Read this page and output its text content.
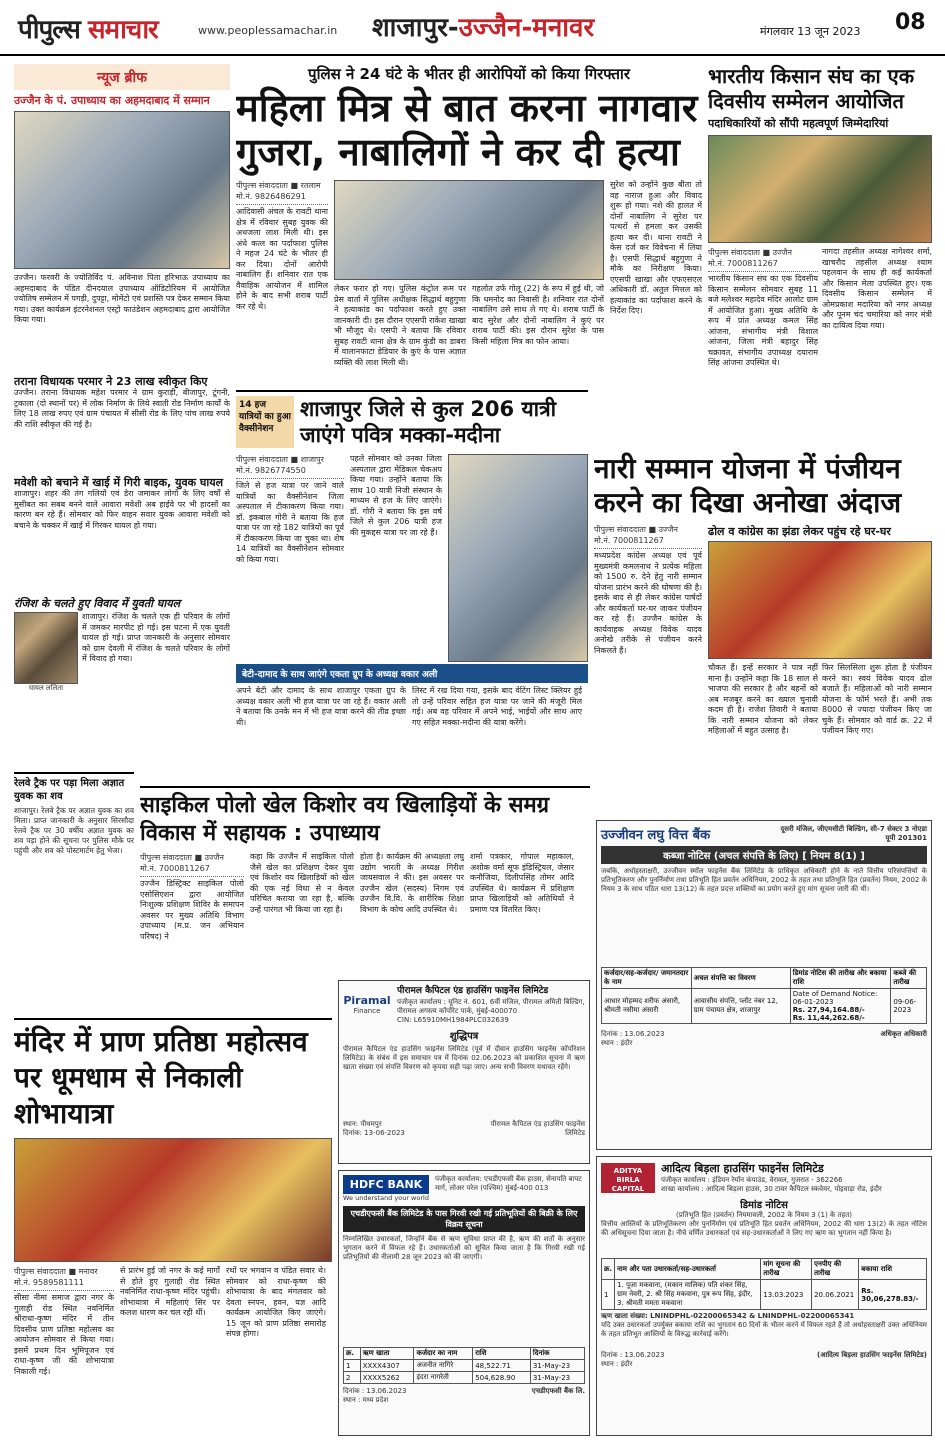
पीपुल्स समाचार	www.peoplessamachar.in शाजापुर-उज्जैन-मनावर	मंगलवार 13 जून 2023 08
न्यूज ब्रीफ
उज्जैन के पं. उपाध्याय का अहमदाबाद में सम्मान
उज्जैन। फरवरी के ज्योतिर्विद पं. अविनाश पिता हरिभाऊ उपाध्याय का अहमदाबाद के पंडित दीनदयाल उपाध्याय ऑडिटोरियम में आयोजित ज्योतिष सम्मेलन में पगड़ी, दुपट्टा, मोमेंटो एवं प्रशस्ति पत्र देकर सम्मान किया गया। उक्त कार्यक्रम इंटरनेशनल एस्ट्रो फाउंडेशन अहमदाबाद द्वारा आयोजित किया गया।
तराना विधायक परमार ने 23 लाख स्वीकृत किए
उज्जैन। तराना विधायक महेश परमार ने ग्राम कुराड़ी, बीजापुर, टूंगनी, ट्रकाला (दो स्थानों पर) में लोक निर्माण के लिये स्वाती रोड निर्माण कार्यों के लिए 18 लाख रुपए एवं ग्राम पंचायत में सीसी रोड के लिए पांच लाख रुपये की राशि स्वीकृत की गई है।
मवेशी को बचाने में खाई में गिरी बाइक, युवक घायल
शाजापुर। शहर की तंग गलियों एवं डेरा जमाकर लोगों के लिए वर्षों से मुसीबत का सबब बनने वाले आवारा मवेशी अब हाईवे पर भी हादसों का कारण बन रहे हैं। सोमवार को फिर वाहन सवार युवक आवारा मवेशी को बचाने के चक्कर में खाई में गिरकर घायल हो गया।
रंजिश के चलते हुए विवाद में युवती घायल
घायल ललिता
शाजापुर। रंजिश के चलते एक ही परिवार के लोगों में जमकर मारपीट हो गई। इस घटना में एक युवती घायल हो गई। प्राप्त जानकारी के अनुसार सोमवार को ग्राम देवली में रंजिश के चलते परिवार के लोगों में विवाद हो गया।
रेलवे ट्रैक पर पड़ा मिला अज्ञात युवक का शव
शाजापुर। रेलवे ट्रैक पर अज्ञात युवक का शव मिला। प्राप्त जानकारी के अनुसार सिरसौदा रेलवे ट्रैक पर 30 वर्षीय अज्ञात युवक का शव पड़ा होने की सूचना पर पुलिस मौके पर पहुंची और शव को पोस्टमार्टम हेतु भेजा।
पुलिस ने 24 घंटे के भीतर ही आरोपियों को किया गिरफ्तार
महिला मित्र से बात करना नागवार गुजरा, नाबालिगों ने कर दी हत्या
पीपुल्स संवाददाता ■ रतलाम
मो.नं. 9826486291
आदिवासी अंचल के रावटी थाना क्षेत्र में रविवार सुबह युवक की अधजला लाश मिली थी। इस अंधे कत्ल का पर्दाफाश पुलिस ने महज 24 घंटे के भीतर ही कर दिया। दोनों आरोपी नाबालिग हैं। शनिवार रात एक वैवाहिक आयोजन में शामिल होने के बाद सभी शराब पार्टी कर रहे थे।
लेकर फरार हो गए। पुलिस कंट्रोल रूम पर प्रेस वार्ता में पुलिस अधीक्षक सिद्धार्थ बहुगुणा ने हत्याकांड का पर्दाफाश करते हुए उक्त जानकारी दी। इस दौरान एएसपी राकेश खाखा भी मौजूद थे। एसपी ने बताया कि रविवार सुबह रावटी थाना क्षेत्र के ग्राम कुंडी का डाबरा में वालानफाटा डेडियार के कुएं के पास अज्ञात व्यक्ति की लाश मिली थी।
गहलोत उर्फ गोलू (22) के रूप में हुई थी, जो कि धमनोद का निवासी है। शनिवार रात दोनों नाबालिग उसे साथ ले गए थे। शराब पार्टी के बाद सुरेश और दोनों नाबालिग ने कुएं पर शराब पार्टी की। इस दौरान सुरेश के पास किसी महिला मित्र का फोन आया।
सुरेश को उन्होंने कुछ बीता तो वह नाराज हुआ और विवाद शुरू हो गया। नशे की हालत में दोनों नाबालिग ने सुरेश पर पत्थरों से हमला कर उसकी हत्या कर दी। थाना रावटी ने केस दर्ज कर विवेचना में लिया है। एसपी सिद्धार्थ बहुगुणा ने मौके का निरीक्षण किया। एएसपी खाखा और एफएसएल अधिकारी डॉ. अतुल मित्तल को हत्याकांड का पर्दाफाश करने के निर्देश दिए।
भारतीय किसान संघ का एक दिवसीय सम्मेलन आयोजित
पदाधिकारियों को सौंपी महत्वपूर्ण जिम्मेदारियां
पीपुल्स संवाददाता ■ उज्जैन
मो.नं. 7000811267
भारतीय किसान संघ का एक दिवसीय किसान सम्मेलन सोमवार सुबह 11 बजे मलेश्वर महादेव मंदिर आलोट ग्राम में आयोजित हुआ। मुख्य अतिथि के रूप में प्रांत अध्यक्ष कमल सिंह आंजना, संभागीय मंत्री विशाल आंजना, जिला मंत्री बहादुर सिंह चक्रावत, संभागीय उपाध्यक्ष दयाराम सिंह आंजना उपस्थित थे।
नागदा तहसील अध्यक्ष नागेश्वर शर्मा, खाचरौद तहसील अध्यक्ष श्याम पहलवान के साथ ही कई कार्यकर्ता और किसान मेला उपस्थित हुए। एक दिवसीय किसान सम्मेलन में ओमप्रकाश मदारिया को नगर अध्यक्ष और पूनम चंद चमारिया को नगर मंत्री का दायित्व दिया गया।
14 हज यात्रियों का हुआ वैक्सीनेशन
शाजापुर जिले से कुल 206 यात्री जाएंगे पवित्र मक्का-मदीना
पीपुल्स संवाददाता ■ शाजापुर
मो.नं. 9826774550
जिले से हज यात्रा पर जाने वाले यात्रियों का वैक्सीनेशन जिला अस्पताल में टीकाकरण किया गया। डॉ. इकबाल गोरी ने बताया कि हज यात्रा पर जा रहे 182 यात्रियों का पूर्व में टीकाकरण किया जा चुका था। शेष 14 यात्रियों का वैक्सीनेशन सोमवार को किया गया।
पहले सोमवार को उनका जिला अस्पताल द्वारा मेडिकल चेकअप किया गया। उन्होंने बताया कि साथ 10 यात्री निजी संस्थान के माध्यम से हज के लिए जाएंगे। डॉ. गोरी ने बताया कि इस वर्ष जिले से कुल 206 यात्री हज की मुकद्दस यात्रा पर जा रहे हैं।
बेटी-दामाद के साथ जाएंगे एकता ग्रुप के अध्यक्ष वकार अली
अपने बेटी और दामाद के साथ शाजापुर एकता ग्रुप के अध्यक्ष वकार अली भी हज यात्रा पर जा रहे हैं। वकार अली ने बताया कि उनके मन में भी हज यात्रा करने की तीव्र इच्छा थी।
लिस्ट में रख दिया गया, इसके बाद वेटिंग लिस्ट क्लियर हुई तो उन्हें परिवार सहित हज यात्रा पर जाने की मंजूरी मिल गई। अब वह परिवार में अपने भाई, भाईयों और साथ आए गए सहित मक्का-मदीना की यात्रा करेंगे।
नारी सम्मान योजना में पंजीयन करने का दिखा अनोखा अंदाज
पीपुल्स संवाददाता ■ उज्जैन
मो.नं. 7000811267
मध्यप्रदेश कांग्रेस अध्यक्ष एवं पूर्व मुख्यमंत्री कमलनाथ ने प्रत्येक महिला को 1500 रु. देने हेतु नारी सम्मान योजना प्रारंभ करने की घोषणा की है। इसके बाद से ही लेकर कांग्रेस पार्षदों और कार्यकर्ता घर-घर जाकर पंजीयन कर रहे हैं। उज्जैन कांग्रेस के कार्यवाहक अध्यक्ष विवेक यादव अनोखे तरीके से पंजीयन करने निकलते हैं।
ढोल व कांग्रेस का झंडा लेकर पहुंच रहे घर-घर
चौकत हैं। इन्हें सरकार ने पात्र नहीं माना है। उन्होंने कहा कि 18 साल से भाजपा की सरकार है और बहनों को अब मजबूर करने का ख्याल चुनावी कदम ही है। राजेश तिवारी ने बताया कि नारी सम्मान योजना को लेकर महिलाओं में बहुत उत्साह है।
फिर सिलसिला शुरू होता है पंजीयन करने का। स्वयं विवेक यादव ढोल बजाते हैं। महिलाओं को नारी सम्मान योजना के फॉर्म भरते हैं। अभी तक 8000 से ज्यादा पंजीयन किए जा चुके हैं। सोमवार को वार्ड क्र. 22 में पंजीयन किए गए।
साइकिल पोलो खेल किशोर वय खिलाड़ियों के समग्र विकास में सहायक : उपाध्याय
पीपुल्स संवाददाता ■ उज्जैन
मो.नं. 7000811267
उज्जैन डिस्ट्रिक्ट साइकिल पोलो एसोसिएशन द्वारा आयोजित निःशुल्क प्रशिक्षण शिविर के समापन अवसर पर मुख्य अतिथि विभाग उपाध्याय (म.प्र. जन अभियान परिषद) ने
कहा कि उज्जैन में साइकिल पोलो जैसे खेल का प्रशिक्षण देकर युवा एवं किशोर वय खिलाड़ियों को खेल की एक नई विधा से न केवल परिचित कराया जा रहा है, बल्कि उन्हें पारंगत भी किया जा रहा है।
होता है। कार्यक्रम की अध्यक्षता लघु उद्योग भारती के अध्यक्ष गिरीश जायसवाल ने की। इस अवसर पर उज्जैन खेल (सदस्य) निगम एवं उज्जैन वि.वि. के शारीरिक शिक्षा विभाग के कोच आदि उपस्थित थे।
शर्मा पत्रकार, गोपाल महाकाल, अशोक वर्मा सूफ इंडिस्ट्रियल, जेसार कनौजिया, दिलीपसिंह तोमर आदि उपस्थित थे। कार्यक्रम में प्रशिक्षण प्राप्त खिलाड़ियों को अतिथियों ने प्रमाण पत्र वितरित किए।
मंदिर में प्राण प्रतिष्ठा महोत्सव पर धूमधाम से निकाली शोभायात्रा
पीपुल्स संवाददाता ■ मनावर
मो.नं. 9589581111
सीसा नीमा समाज द्वारा नगर के गुलाही रोड स्थित नवनिर्मित श्रीराधा-कृष्ण मंदिर में तीन दिवसीय प्राण प्रतिष्ठा महोत्सव का आयोजन सोमवार से किया गया। इसमें प्रथम दिन भूमिपूजन एवं राधा-कृष्ण जी की शोभायात्रा निकाली गई।
से प्रारंभ हुई जो नगर के कई मार्गों से होते हुए गुलाही रोड स्थित नवनिर्मित राधा-कृष्ण मंदिर पहुंची। शोभायात्रा में महिलाएं सिर पर कलश धारण कर चल रही थीं।
रथों पर भगवान व पंडित सवार थे। सोमवार को राधा-कृष्ण की शोभायात्रा के बाद मंगलवार को देवता स्नपन, हवन, यज्ञ आदि कार्यक्रम आयोजित किए जाएंगे। 15 जून को प्राण प्रतिष्ठा समारोह संपन्न होगा।
Piramal
Finance
पीरामल कैपिटल एंड हाउसिंग फाइनेंस लिमिटेड
पंजीकृत कार्यालय : यूनिट नं. 601, 6वीं मंजिल, पीरामल अमिती बिल्डिंग, पीरामल अगस्त्य कॉर्पोरेट पार्क, मुंबई-400070
CIN: L65910MH1984PLC032639
शुद्धिपत्र
पीरामल कैपिटल एंड हाउसिंग फाइनेंस लिमिटेड (पूर्व में दीवान हाउसिंग फाइनेंस कॉर्पोरेशन लिमिटेड) के संबंध में इस समाचार पत्र में दिनांक 02.06.2023 को प्रकाशित सूचना में ऋण खाता संख्या एवं संपत्ति विवरण को कृपया सही पढ़ा जाए। अन्य सभी विवरण यथावत रहेंगे।
स्थान: पीथमपुर
दिनांक: 13-06-2023
पीरामल कैपिटल एंड हाउसिंग फाइनेंस लिमिटेड
HDFC BANK
We understand your world
पंजीकृत कार्यालय: एचडीएफसी बैंक हाउस, सेनापति बापट मार्ग, लोअर परेल (पश्चिम) मुंबई-400 013
एचडीएफसी बैंक लिमिटेड के पास गिरवी रखी गई प्रतिभूतियों की बिक्री के लिए विक्रय सूचना
निम्नलिखित उधारकर्ता, जिन्होंने बैंक से ऋण सुविधा प्राप्त की है, ऋण की शर्तों के अनुसार भुगतान करने में विफल रहे हैं। उधारकर्ताओं को सूचित किया जाता है कि गिरवी रखी गई प्रतिभूतियों की नीलामी 28 जून 2023 को की जाएगी।
क्र.	ऋण खाता	कर्जदार का नाम	राशि	दिनांक
1	XXXX4307	अजनीत नागिरे	48,522.71	31-May-23
2	XXXX5262	इंदरा नागरेती	504,628.90	31-May-23
दिनांक : 13.06.2023
स्थान : मध्य प्रदेश
एचडीएफसी बैंक लि.
उज्जीवन लघु वित्त बैंक	दूसरी मंजिल, जीएमसीटी बिल्डिंग, सी-7 सेक्टर 3 नोएडा यूपी 201301
कब्जा नोटिस (अचल संपत्ति के लिए) [ नियम 8(1) ]
जबकि, अधोहस्ताक्षरी, उज्जीवन स्मॉल फाइनेंस बैंक लिमिटेड के प्राधिकृत अधिकारी होने के नाते वित्तीय परिसंपत्तियों के प्रतिभूतिकरण और पुनर्निर्माण तथा प्रतिभूति हित प्रवर्तन अधिनियम, 2002 के तहत तथा प्रतिभूति हित (प्रवर्तन) नियम, 2002 के नियम 3 के साथ पठित धारा 13(12) के तहत प्रदत्त शक्तियों का प्रयोग करते हुए मांग सूचना जारी की थी।
कर्जदार/सह-कर्जदार/ जमानतदार के नाम	अचल संपत्ति का विवरण	डिमांड नोटिस की तारीख और बकाया राशि	कब्जे की तारीख
आधार मोहम्मद शरीफ अंसारी, श्रीमती नसीमा अंसारी	आवासीय संपत्ति, प्लॉट नंबर 12, ग्राम पंचायत क्षेत्र, शाजापुर	Date of Demand Notice: 06-01-2023
Rs. 27,94,164.88/-
Rs. 11,44,262.68/-	09-06-2023
दिनांक : 13.06.2023
स्थान : इंदौर
अधिकृत अधिकारी
ADITYA BIRLA CAPITAL
आदित्य बिड़ला हाउसिंग फाइनेंस लिमिटेड
पंजीकृत कार्यालय : इंडियन रेयॉन कंपाउंड, वेरावल, गुजरात - 362266
शाखा कार्यालय : आदित्य बिड़ला हाउस, 30 टावर कैपिटल स्कवेयर, पोइवाड़ा रोड, इंदौर
डिमांड नोटिस
(प्रतिभूति हित (प्रवर्तन) नियमावली, 2002 के नियम 3 (1) के तहत)
वित्तीय आस्तियों के प्रतिभूतिकरण और पुनर्निर्माण एवं प्रतिभूति हित प्रवर्तन अधिनियम, 2002 की धारा 13(2) के तहत नोटिस की अधिसूचना दिया जाता है। नीचे वर्णित उधारकर्ता एवं सह-उधारकर्ताओं ने लिए गए ऋण का भुगतान नहीं किया है।
क्र.	नाम और पता उधारकर्ता/सह-उधारकर्ता	मांग सूचना की तारीख	एनपीए की तारीख	बकाया राशि
1	1. पूजा मकवाना, (मकान मालिक) पति शंकर सिंह, ग्राम नेवरी, 2. श्री सिंह मकवाना, पुत्र रूप सिंह, इंदौर, 3. श्रीमती ममता मकवाना	13.03.2023	20.06.2021	Rs. 30,06,278.83/-
ऋण खाता संख्या: LNINDPHL-02200065342 & LNINDPHL-02200065341
यदि उक्त उधारकर्ता उपर्युक्त बकाया राशि का भुगतान 60 दिनों के भीतर करने में विफल रहते हैं तो अधोहस्ताक्षरी उक्त अधिनियम के तहत प्रतिभूत आस्तियों के विरुद्ध कार्रवाई करेंगे।
दिनांक : 13.06.2023
स्थान : इंदौर
(आदित्य बिड़ला हाउसिंग फाइनेंस लिमिटेड)
